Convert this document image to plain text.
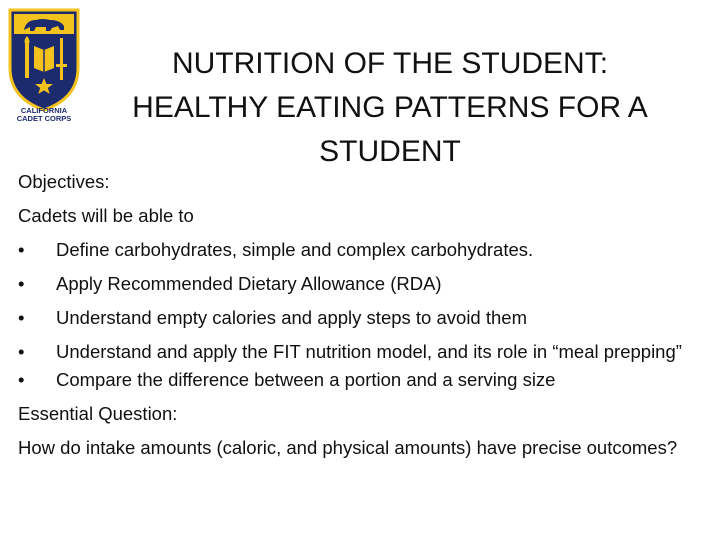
CALIFORNIA
CADET CORPS
NUTRITION OF THE STUDENT:
HEALTHY EATING PATTERNS FOR A
STUDENT

Objectives:

Cadets will be able to

• Define carbohydrates, simple and complex carbohydrates.
• Apply Recommended Dietary Allowance (RDA)
• Understand empty calories and apply steps to avoid them
• Understand and apply the FIT nutrition model, and its role in “meal prepping”
• Compare the difference between a portion and a serving size

Essential Question:

How do intake amounts (caloric, and physical amounts) have precise outcomes?
